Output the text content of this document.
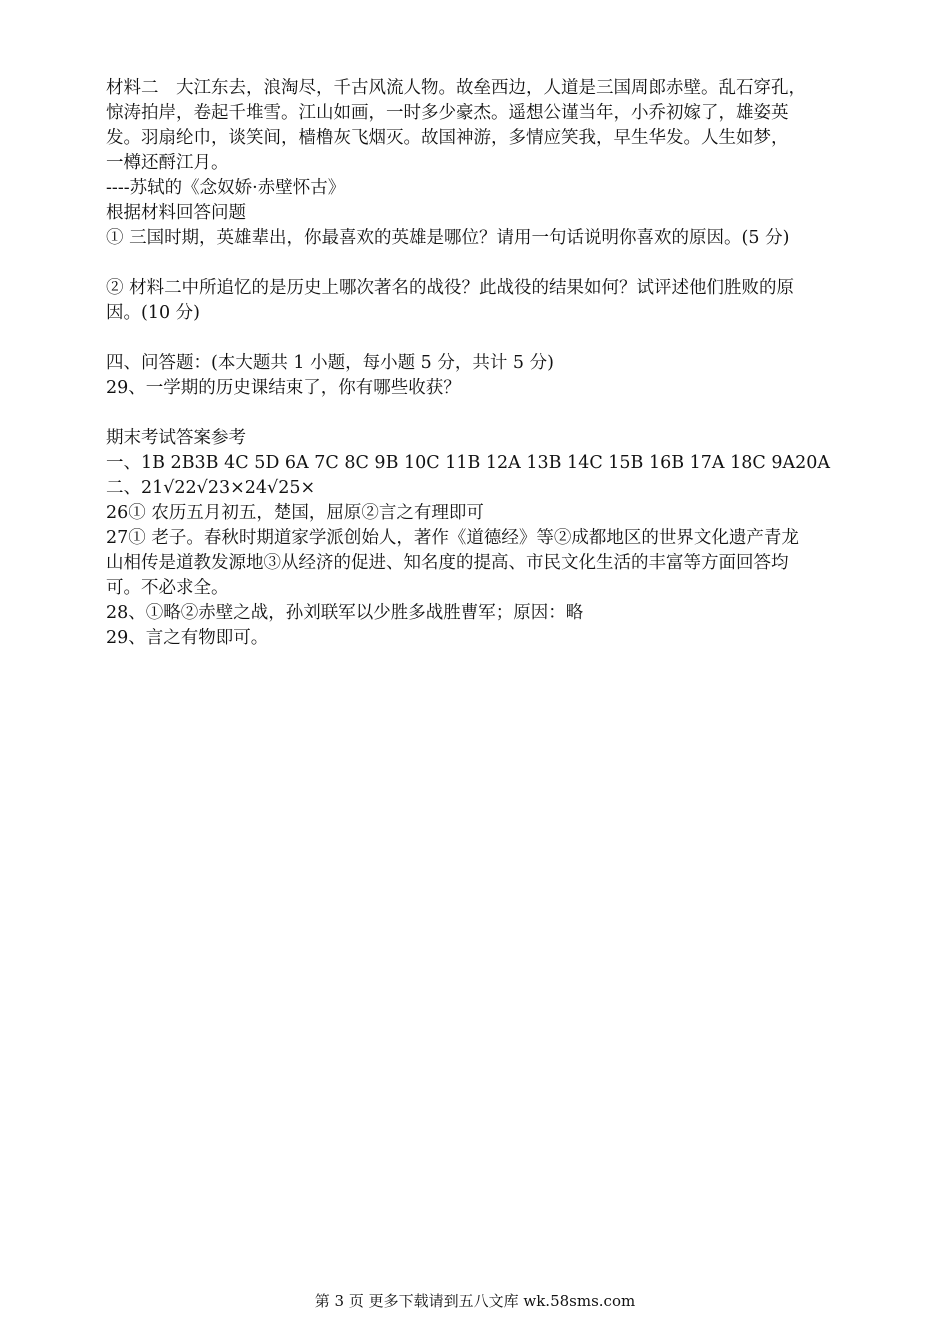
材料二　大江东去，浪淘尽，千古风流人物。故垒西边，人道是三国周郎赤壁。乱石穿孔，
惊涛拍岸，卷起千堆雪。江山如画，一时多少豪杰。遥想公谨当年，小乔初嫁了，雄姿英
发。羽扇纶巾，谈笑间，樯橹灰飞烟灭。故国神游，多情应笑我，早生华发。人生如梦，
一樽还酹江月。
----苏轼的《念奴娇·赤壁怀古》
根据材料回答问题
① 三国时期，英雄辈出，你最喜欢的英雄是哪位？请用一句话说明你喜欢的原因。(5 分)
② 材料二中所追忆的是历史上哪次著名的战役？此战役的结果如何？试评述他们胜败的原
因。(10 分)
四、问答题：(本大题共 1 小题，每小题 5 分，共计 5 分)
29、一学期的历史课结束了，你有哪些收获？
期末考试答案参考
一、1B 2B3B 4C 5D 6A 7C 8C 9B 10C 11B 12A 13B 14C 15B 16B 17A 18C 9A20A
二、21√22√23×24√25×
26① 农历五月初五，楚国，屈原②言之有理即可
27① 老子。春秋时期道家学派创始人，著作《道德经》等②成都地区的世界文化遗产青龙
山相传是道教发源地③从经济的促进、知名度的提高、市民文化生活的丰富等方面回答均
可。不必求全。
28、①略②赤壁之战，孙刘联军以少胜多战胜曹军；原因：略
29、言之有物即可。
第 3 页 更多下载请到五八文库 wk.58sms.com
